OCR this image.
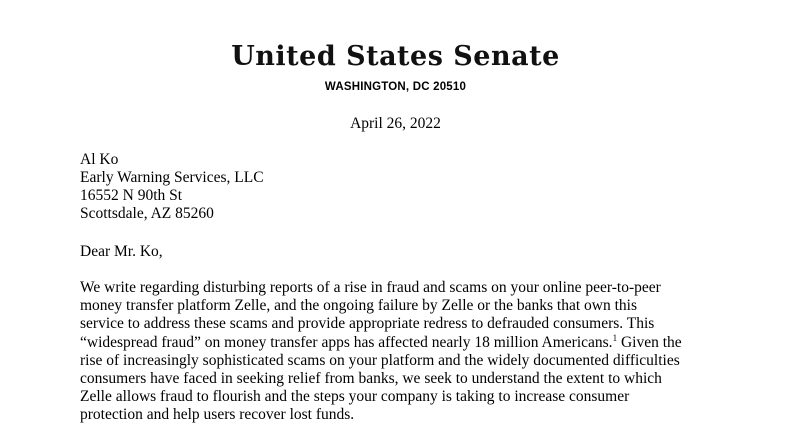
United States Senate
WASHINGTON, DC 20510
April 26, 2022
Al Ko
Early Warning Services, LLC
16552 N 90th St
Scottsdale, AZ 85260
Dear Mr. Ko,
We write regarding disturbing reports of a rise in fraud and scams on your online peer-to-peer
money transfer platform Zelle, and the ongoing failure by Zelle or the banks that own this
service to address these scams and provide appropriate redress to defrauded consumers. This
“widespread fraud” on money transfer apps has affected nearly 18 million Americans.$^1$ Given the
rise of increasingly sophisticated scams on your platform and the widely documented difficulties
consumers have faced in seeking relief from banks, we seek to understand the extent to which
Zelle allows fraud to flourish and the steps your company is taking to increase consumer
protection and help users recover lost funds.
